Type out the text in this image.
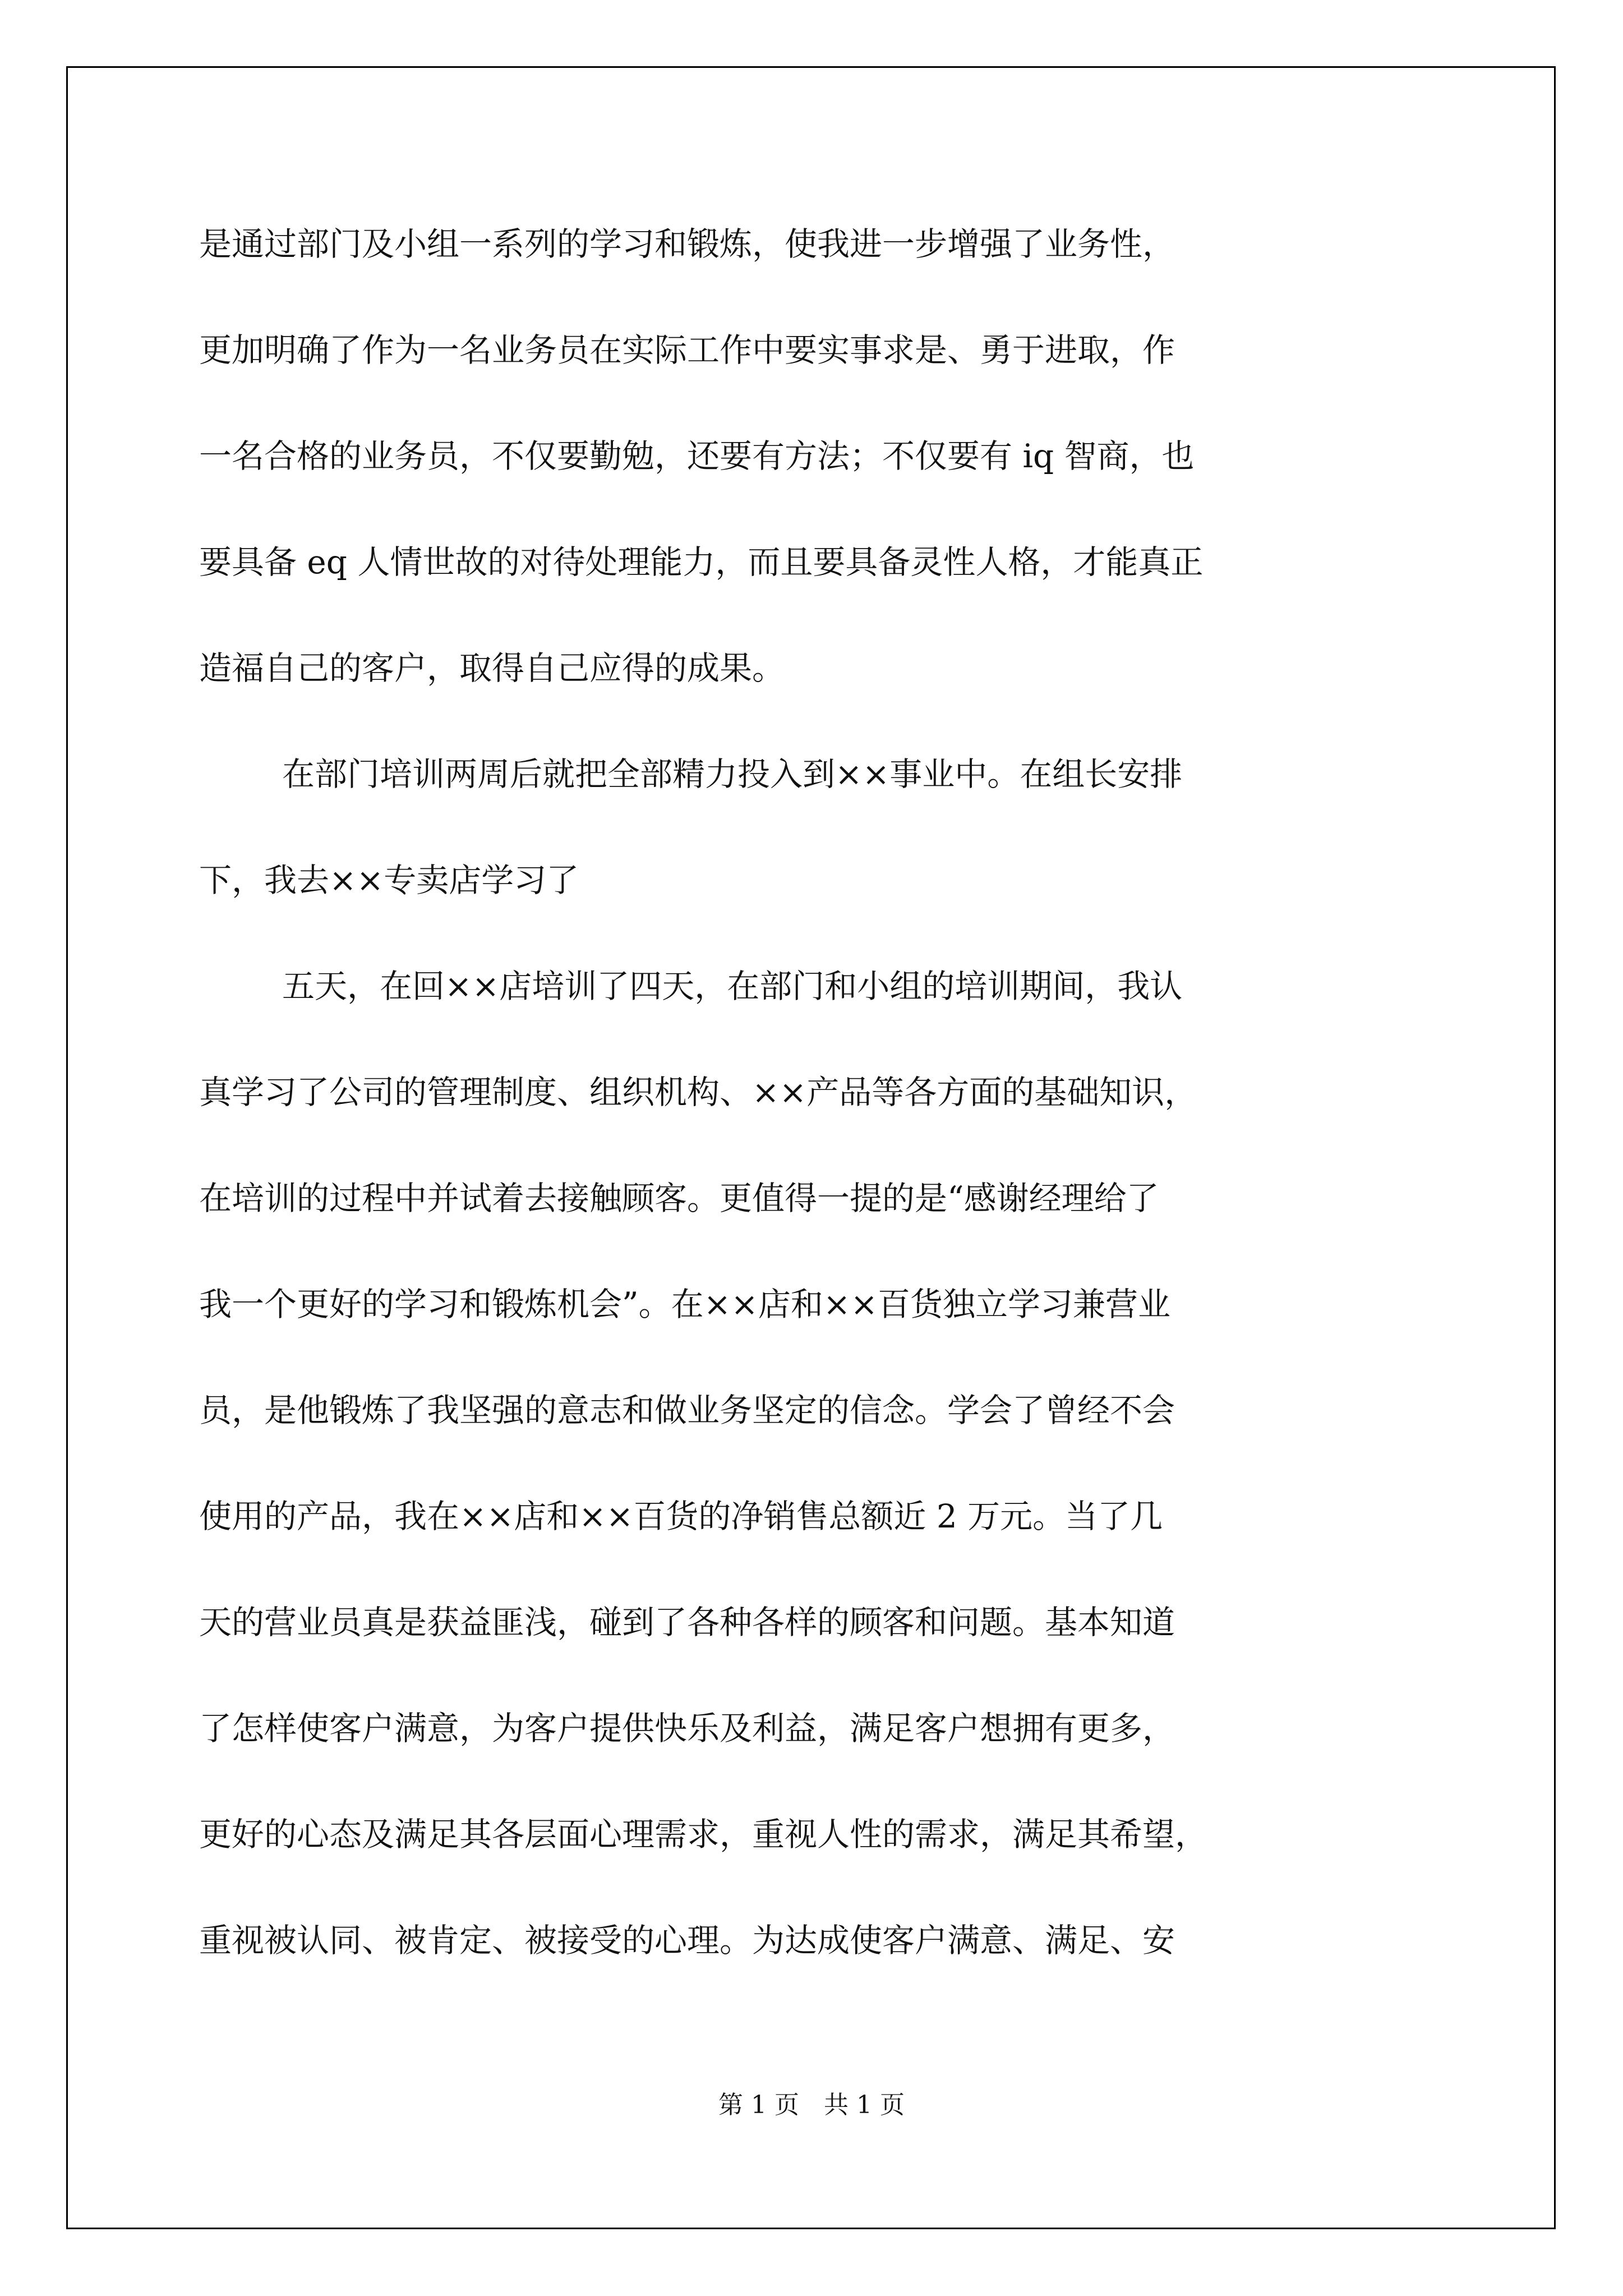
是通过部门及小组一系列的学习和锻炼，使我进一步增强了业务性，
更加明确了作为一名业务员在实际工作中要实事求是、勇于进取，作
一名合格的业务员，不仅要勤勉，还要有方法；不仅要有 iq 智商，也
要具备 eq 人情世故的对待处理能力，而且要具备灵性人格，才能真正
造福自己的客户，取得自己应得的成果。
在部门培训两周后就把全部精力投入到××事业中。在组长安排
下，我去××专卖店学习了
五天，在回××店培训了四天，在部门和小组的培训期间，我认
真学习了公司的管理制度、组织机构、××产品等各方面的基础知识，
在培训的过程中并试着去接触顾客。更值得一提的是“感谢经理给了
我一个更好的学习和锻炼机会”。在××店和××百货独立学习兼营业
员，是他锻炼了我坚强的意志和做业务坚定的信念。学会了曾经不会
使用的产品，我在××店和××百货的净销售总额近 2 万元。当了几
天的营业员真是获益匪浅，碰到了各种各样的顾客和问题。基本知道
了怎样使客户满意，为客户提供快乐及利益，满足客户想拥有更多，
更好的心态及满足其各层面心理需求，重视人性的需求，满足其希望，
重视被认同、被肯定、被接受的心理。为达成使客户满意、满足、安
第 1 页　共 1 页
